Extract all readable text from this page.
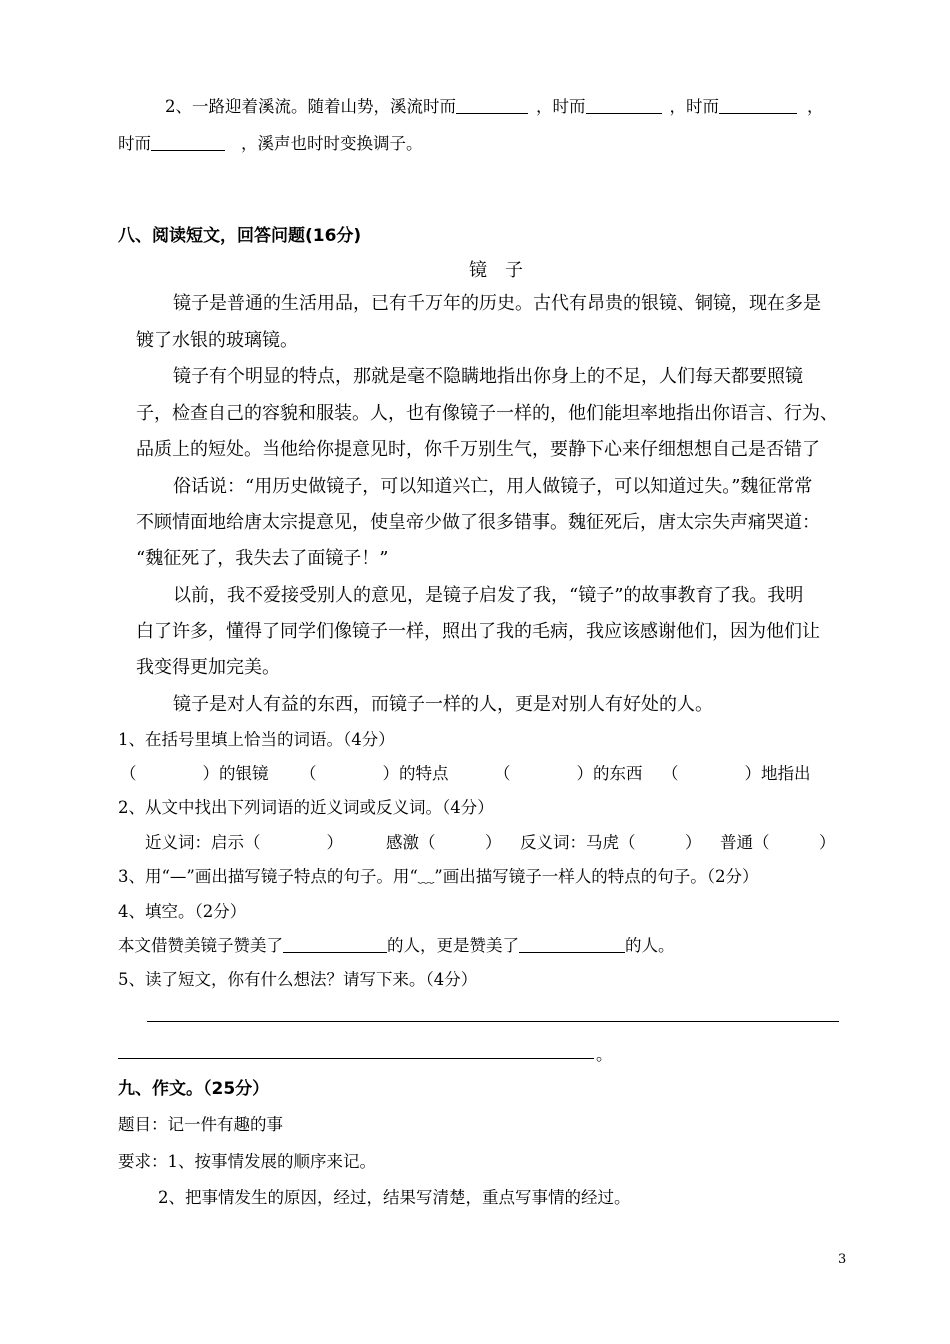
2、一路迎着溪流。随着山势，溪流时而	，时而	，时而	，
时而	，溪声也时时变换调子。
八、阅读短文，回答问题(16分)
镜　子
镜子是普通的生活用品，已有千万年的历史。古代有昂贵的银镜、铜镜，现在多是
镀了水银的玻璃镜。
镜子有个明显的特点，那就是毫不隐瞒地指出你身上的不足，人们每天都要照镜
子，检查自己的容貌和服装。人，也有像镜子一样的，他们能坦率地指出你语言、行为、
品质上的短处。当他给你提意见时，你千万别生气，要静下心来仔细想想自己是否错了
俗话说：“用历史做镜子，可以知道兴亡，用人做镜子，可以知道过失。”魏征常常
不顾情面地给唐太宗提意见，使皇帝少做了很多错事。魏征死后，唐太宗失声痛哭道：
“魏征死了，我失去了面镜子！”
以前，我不爱接受别人的意见，是镜子启发了我，“镜子”的故事教育了我。我明
白了许多，懂得了同学们像镜子一样，照出了我的毛病，我应该感谢他们，因为他们让
我变得更加完美。
镜子是对人有益的东西，而镜子一样的人，更是对别人有好处的人。
1、在括号里填上恰当的词语。（4分）
（　　　　）的银镜 （　　　　）的特点	（　　　　）的东西 （　　　　）地指出
2、从文中找出下列词语的近义词或反义词。（4分）
近义词：启示（　　　　）	感激（　　　） 反义词：马虎（　　　） 普通（　　　）
3、用“—”画出描写镜子特点的句子。用“﹏”画出描写镜子一样人的特点的句子。（2分）
4、填空。（2分）
本文借赞美镜子赞美了	的人，更是赞美了	的人。
5、读了短文，你有什么想法？请写下来。（4分）
。
九、作文。（25分）
题目：记一件有趣的事
要求：1、按事情发展的顺序来记。
2、把事情发生的原因，经过，结果写清楚，重点写事情的经过。
3
